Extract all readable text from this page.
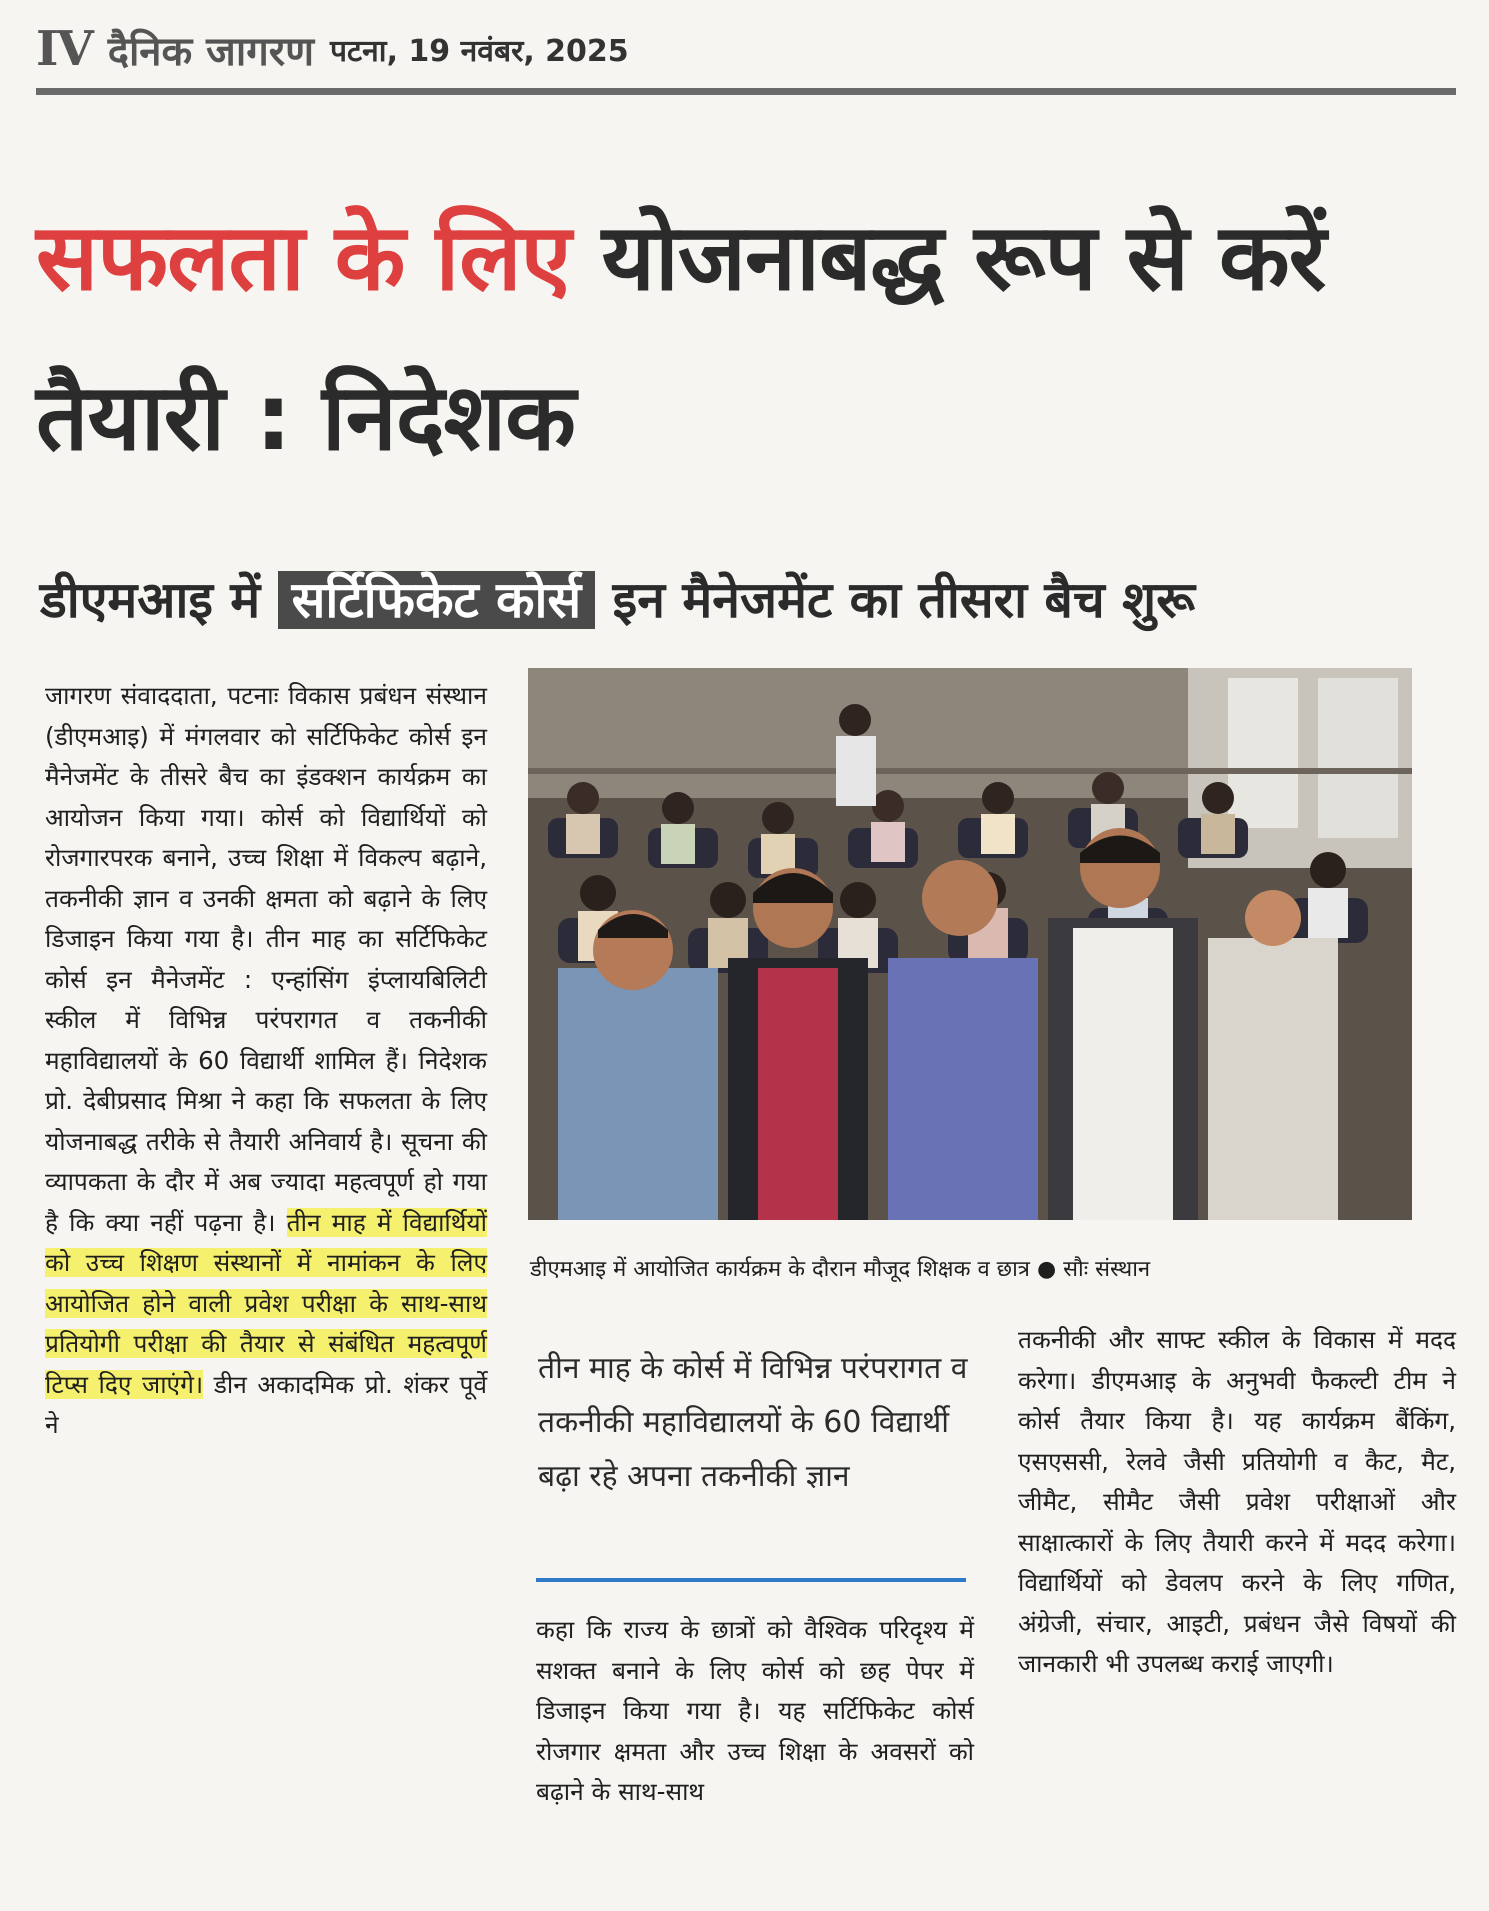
IV दैनिक जागरण पटना, 19 नवंबर, 2025
सफलता के लिए योजनाबद्ध रूप से करें तैयारी : निदेशक
डीएमआइ में सर्टिफिकेट कोर्स इन मैनेजमेंट का तीसरा बैच शुरू
जागरण संवाददाता, पटनाः विकास प्रबंधन संस्थान (डीएमआइ) में मंगलवार को सर्टिफिकेट कोर्स इन मैनेजमेंट के तीसरे बैच का इंडक्शन कार्यक्रम का आयोजन किया गया। कोर्स को विद्यार्थियों को रोजगारपरक बनाने, उच्च शिक्षा में विकल्प बढ़ाने, तकनीकी ज्ञान व उनकी क्षमता को बढ़ाने के लिए डिजाइन किया गया है। तीन माह का सर्टिफिकेट कोर्स इन मैनेजमेंट : एन्हांसिंग इंप्लायबिलिटी स्कील में विभिन्न परंपरागत व तकनीकी महाविद्यालयों के 60 विद्यार्थी शामिल हैं। निदेशक प्रो. देबीप्रसाद मिश्रा ने कहा कि सफलता के लिए योजनाबद्ध तरीके से तैयारी अनिवार्य है। सूचना की व्यापकता के दौर में अब ज्यादा महत्वपूर्ण हो गया है कि क्या नहीं पढ़ना है। तीन माह में विद्यार्थियों को उच्च शिक्षण संस्थानों में नामांकन के लिए आयोजित होने वाली प्रवेश परीक्षा के साथ-साथ प्रतियोगी परीक्षा की तैयार से संबंधित महत्वपूर्ण टिप्स दिए जाएंगे। डीन अकादमिक प्रो. शंकर पूर्वे ने
डीएमआइ में आयोजित कार्यक्रम के दौरान मौजूद शिक्षक व छात्र ● सौः संस्थान
तीन माह के कोर्स में विभिन्न परंपरागत व तकनीकी महाविद्यालयों के 60 विद्यार्थी बढ़ा रहे अपना तकनीकी ज्ञान
कहा कि राज्य के छात्रों को वैश्विक परिदृश्य में सशक्त बनाने के लिए कोर्स को छह पेपर में डिजाइन किया गया है। यह सर्टिफिकेट कोर्स रोजगार क्षमता और उच्च शिक्षा के अवसरों को बढ़ाने के साथ-साथ
तकनीकी और साफ्ट स्कील के विकास में मदद करेगा। डीएमआइ के अनुभवी फैकल्टी टीम ने कोर्स तैयार किया है। यह कार्यक्रम बैंकिंग, एसएससी, रेलवे जैसी प्रतियोगी व कैट, मैट, जीमैट, सीमैट जैसी प्रवेश परीक्षाओं और साक्षात्कारों के लिए तैयारी करने में मदद करेगा। विद्यार्थियों को डेवलप करने के लिए गणित, अंग्रेजी, संचार, आइटी, प्रबंधन जैसे विषयों की जानकारी भी उपलब्ध कराई जाएगी।
